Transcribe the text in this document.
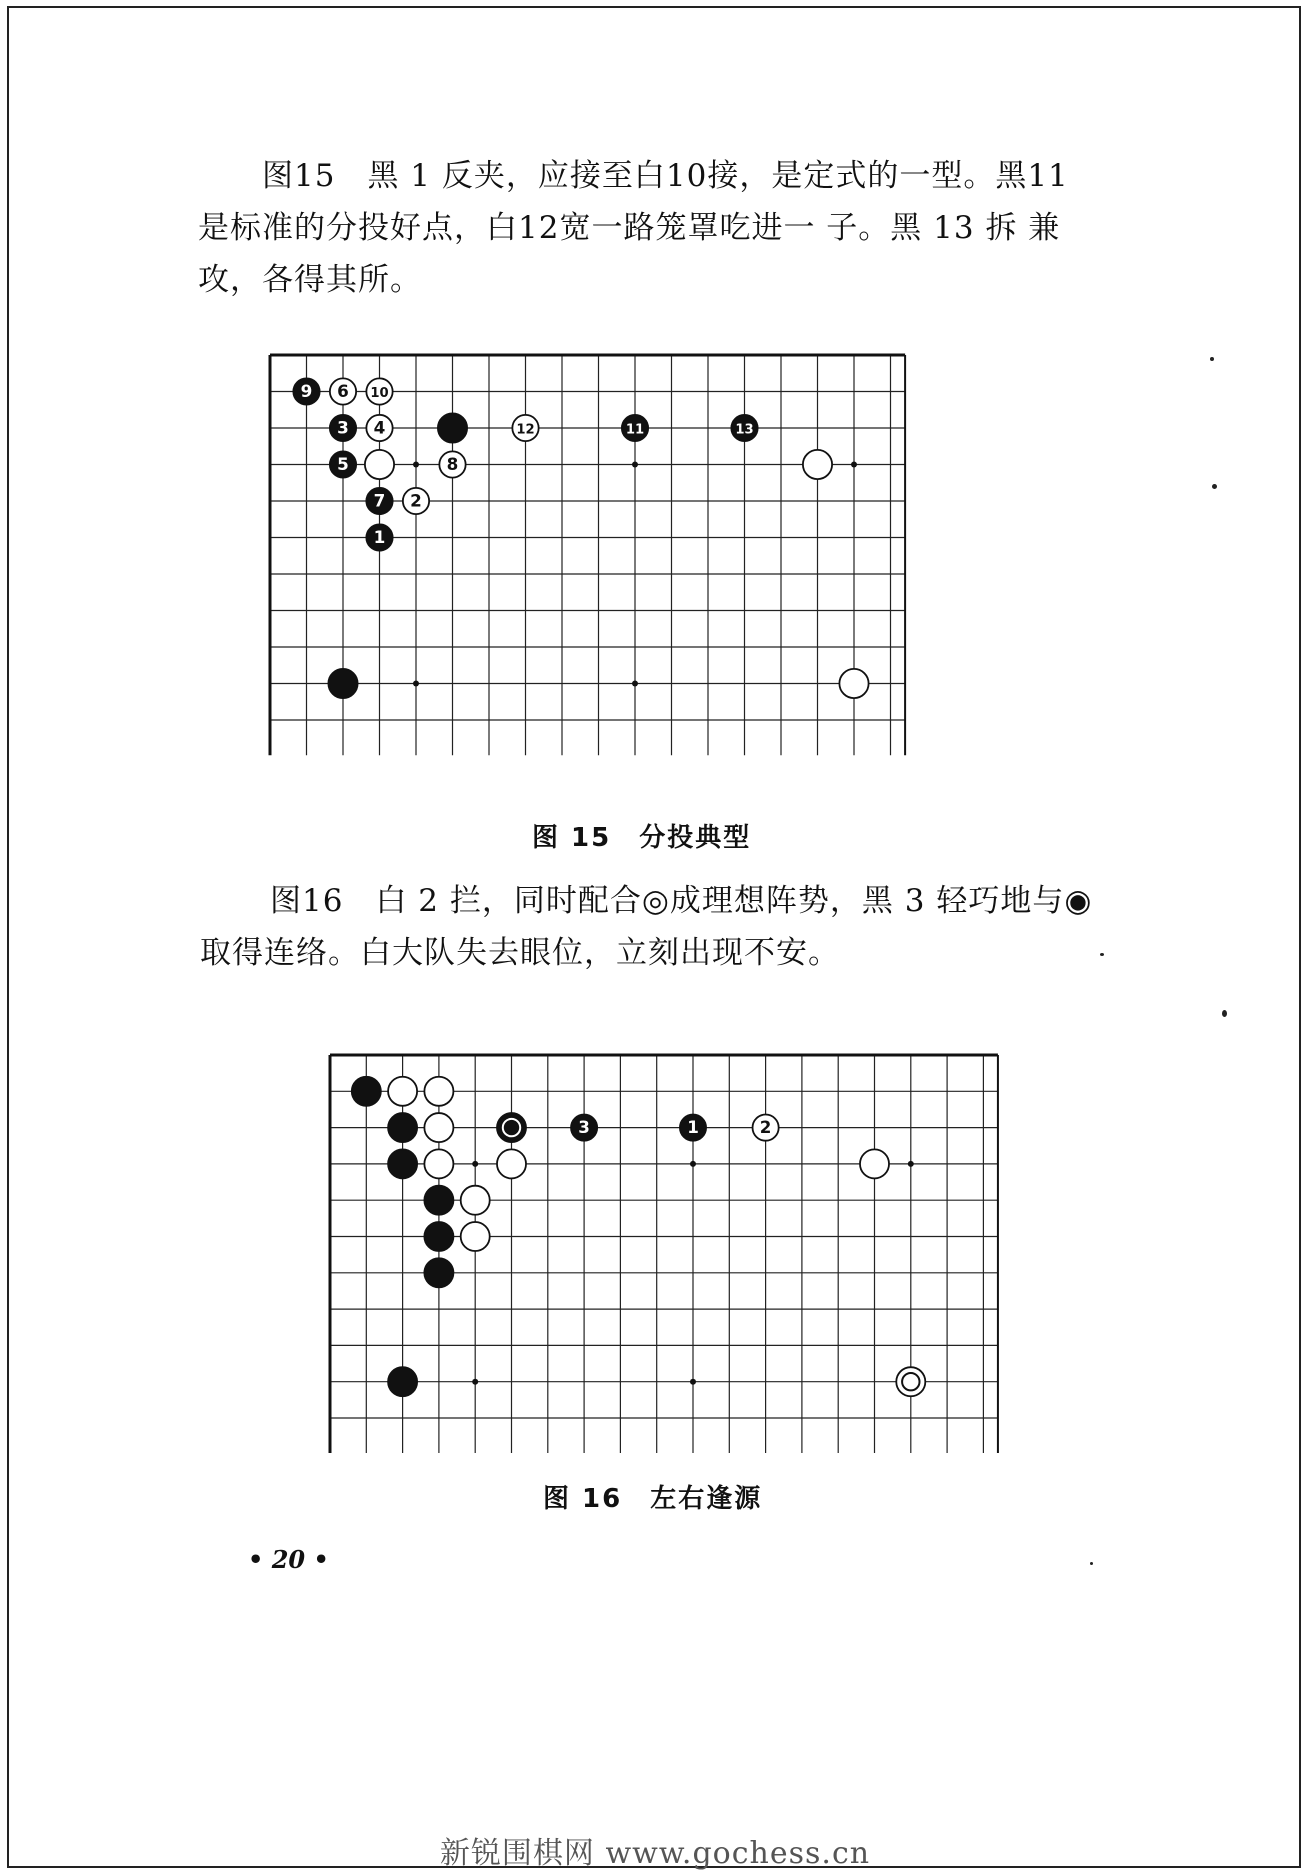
图15　黑 1 反夹，应接至白10接，是定式的一型。黑11

是标准的分投好点，白12宽一路笼罩吃进一 子。黑 13 拆 兼

攻，各得其所。

9 6 10
3 4	12	11	13
5	8
7 2
1
图 15　分投典型

图16　白 2 拦，同时配合◎成理想阵势，黑 3 轻巧地与◉

取得连络。白大队失去眼位，立刻出现不安。

3	1	2
图 16　左右逢源
• 20 •
新锐围棋网 www.gochess.cn
